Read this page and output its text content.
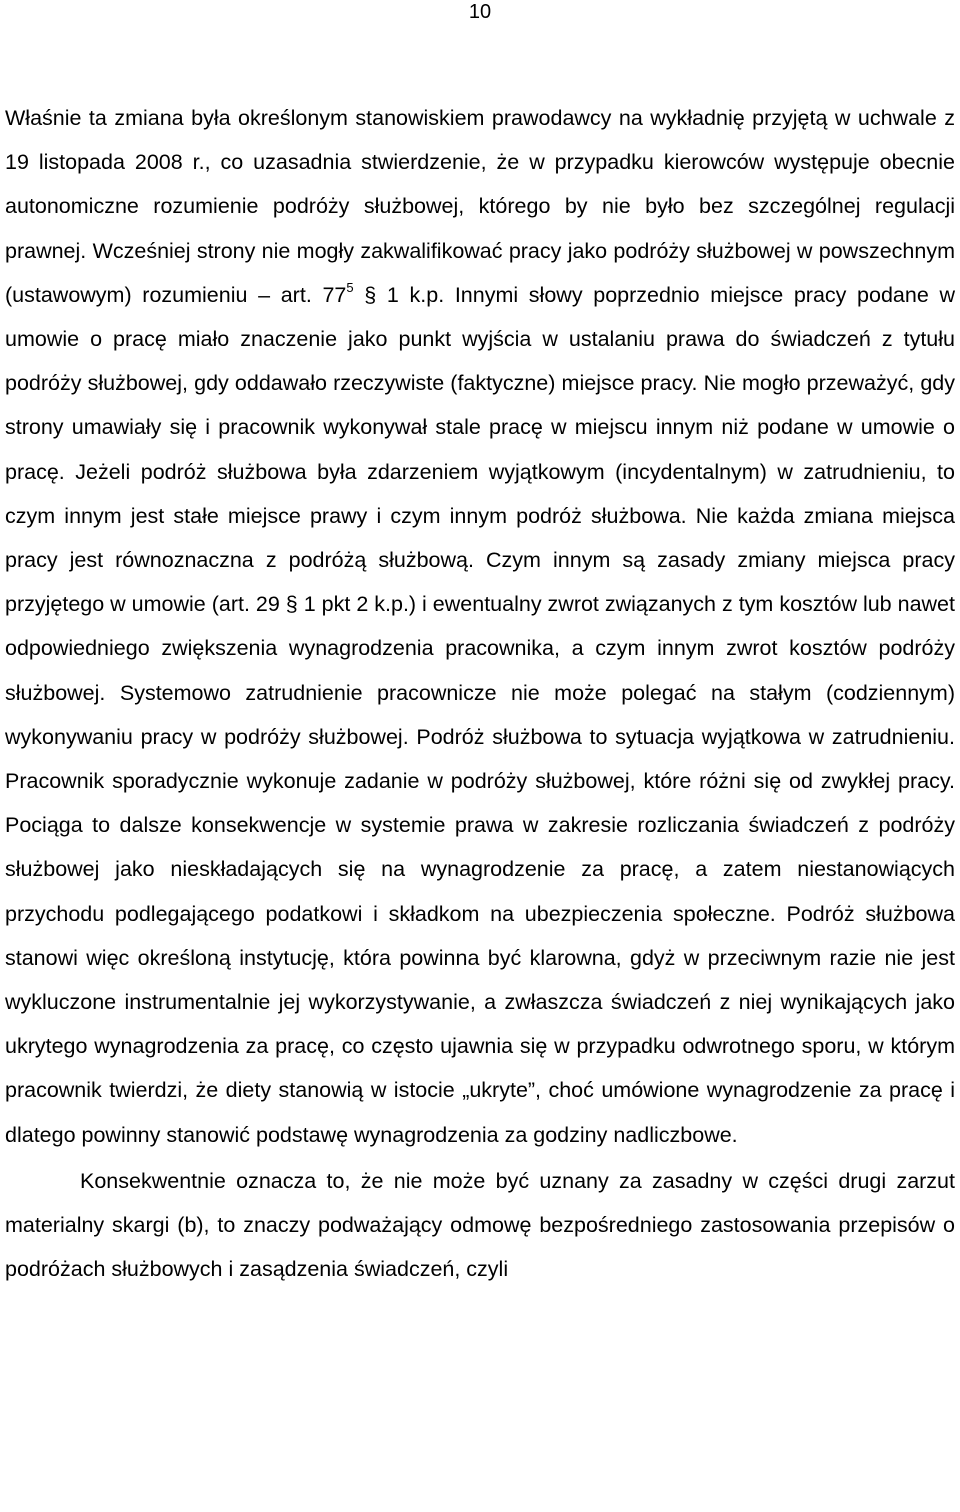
10

Właśnie ta zmiana była określonym stanowiskiem prawodawcy na wykładnię przyjętą w uchwale z 19 listopada 2008 r., co uzasadnia stwierdzenie, że w przypadku kierowców występuje obecnie autonomiczne rozumienie podróży służbowej, którego by nie było bez szczególnej regulacji prawnej. Wcześniej strony nie mogły zakwalifikować pracy jako podróży służbowej w powszechnym (ustawowym) rozumieniu – art. $77^5$ § 1 k.p. Innymi słowy poprzednio miejsce pracy podane w umowie o pracę miało znaczenie jako punkt wyjścia w ustalaniu prawa do świadczeń z tytułu podróży służbowej, gdy oddawało rzeczywiste (faktyczne) miejsce pracy. Nie mogło przeważyć, gdy strony umawiały się i pracownik wykonywał stale pracę w miejscu innym niż podane w umowie o pracę. Jeżeli podróż służbowa była zdarzeniem wyjątkowym (incydentalnym) w zatrudnieniu, to czym innym jest stałe miejsce prawy i czym innym podróż służbowa. Nie każda zmiana miejsca pracy jest równoznaczna z podróżą służbową. Czym innym są zasady zmiany miejsca pracy przyjętego w umowie (art. 29 § 1 pkt 2 k.p.) i ewentualny zwrot związanych z tym kosztów lub nawet odpowiedniego zwiększenia wynagrodzenia pracownika, a czym innym zwrot kosztów podróży służbowej. Systemowo zatrudnienie pracownicze nie może polegać na stałym (codziennym) wykonywaniu pracy w podróży służbowej. Podróż służbowa to sytuacja wyjątkowa w zatrudnieniu. Pracownik sporadycznie wykonuje zadanie w podróży służbowej, które różni się od zwykłej pracy. Pociąga to dalsze konsekwencje w systemie prawa w zakresie rozliczania świadczeń z podróży służbowej jako nieskładających się na wynagrodzenie za pracę, a zatem niestanowiących przychodu podlegającego podatkowi i składkom na ubezpieczenia społeczne. Podróż służbowa stanowi więc określoną instytucję, która powinna być klarowna, gdyż w przeciwnym razie nie jest wykluczone instrumentalnie jej wykorzystywanie, a zwłaszcza świadczeń z niej wynikających jako ukrytego wynagrodzenia za pracę, co często ujawnia się w przypadku odwrotnego sporu, w którym pracownik twierdzi, że diety stanowią w istocie „ukryte”, choć umówione wynagrodzenie za pracę i dlatego powinny stanowić podstawę wynagrodzenia za godziny nadliczbowe.

Konsekwentnie oznacza to, że nie może być uznany za zasadny w części drugi zarzut materialny skargi (b), to znaczy podważający odmowę bezpośredniego zastosowania przepisów o podróżach służbowych i zasądzenia świadczeń, czyli
